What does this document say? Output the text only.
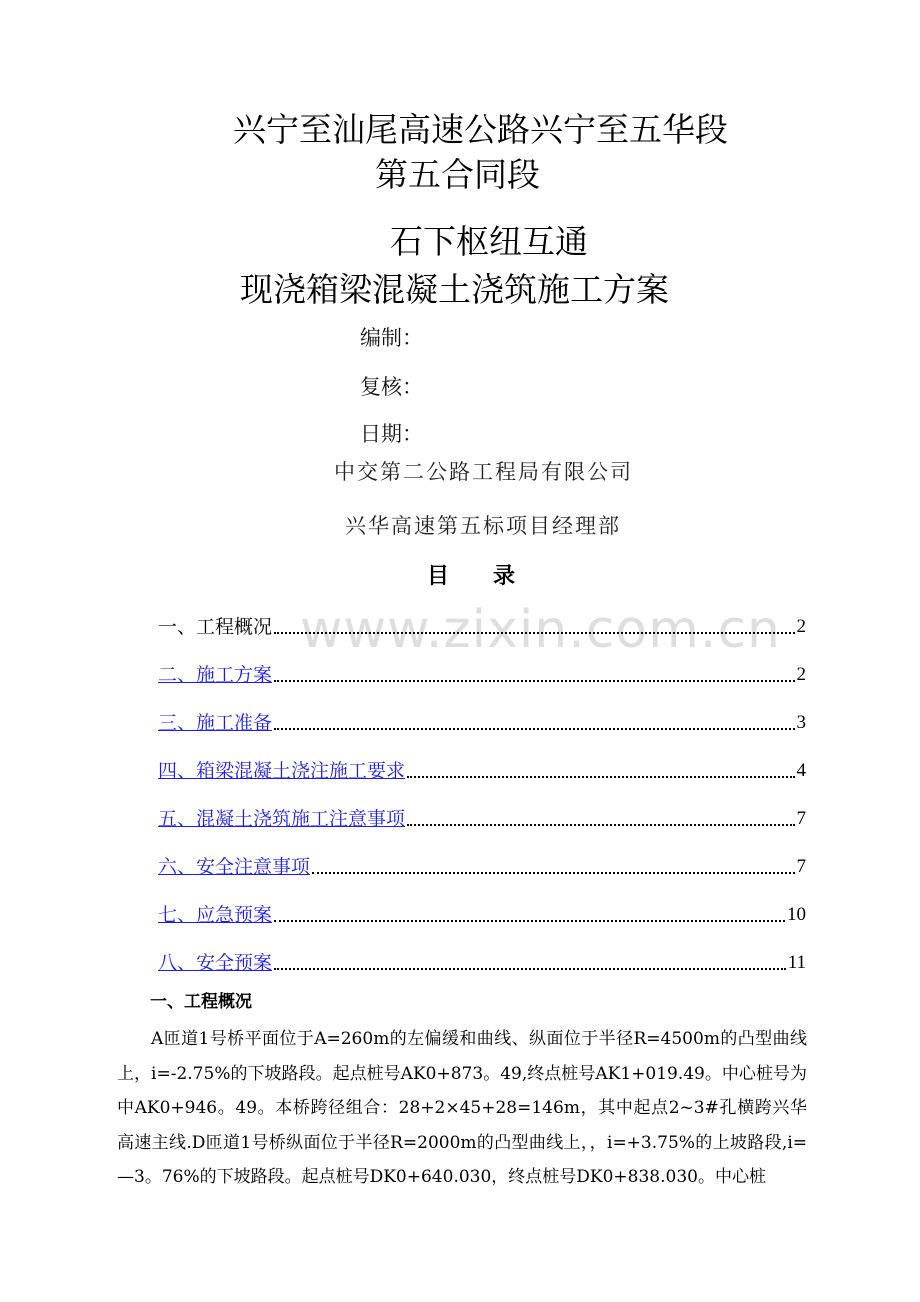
兴宁至汕尾高速公路兴宁至五华段
第五合同段
石下枢纽互通
现浇箱梁混凝土浇筑施工方案
编制：
复核：
日期：
中交第二公路工程局有限公司
兴华高速第五标项目经理部
目　　录
www.zixin.com.cn
一、工程概况	2
二、施工方案	2
三、施工准备	3
四、箱梁混凝土浇注施工要求	4
五、混凝土浇筑施工注意事项	7
六、安全注意事项	7
七、应急预案	10
八、安全预案	11
一、工程概况
A匝道1号桥平面位于A=260m的左偏缓和曲线、纵面位于半径R=4500m的凸型曲线上，i=-2.75%的下坡路段。起点桩号AK0+873。49,终点桩号AK1+019.49。中心桩号为中AK0+946。49。本桥跨径组合：28+2×45+28=146m，其中起点2~3#孔横跨兴华高速主线.D匝道1号桥纵面位于半径R=2000m的凸型曲线上，，i=+3.75%的上坡路段,i=—3。76%的下坡路段。起点桩号DK0+640.030，终点桩号DK0+838.030。中心桩
